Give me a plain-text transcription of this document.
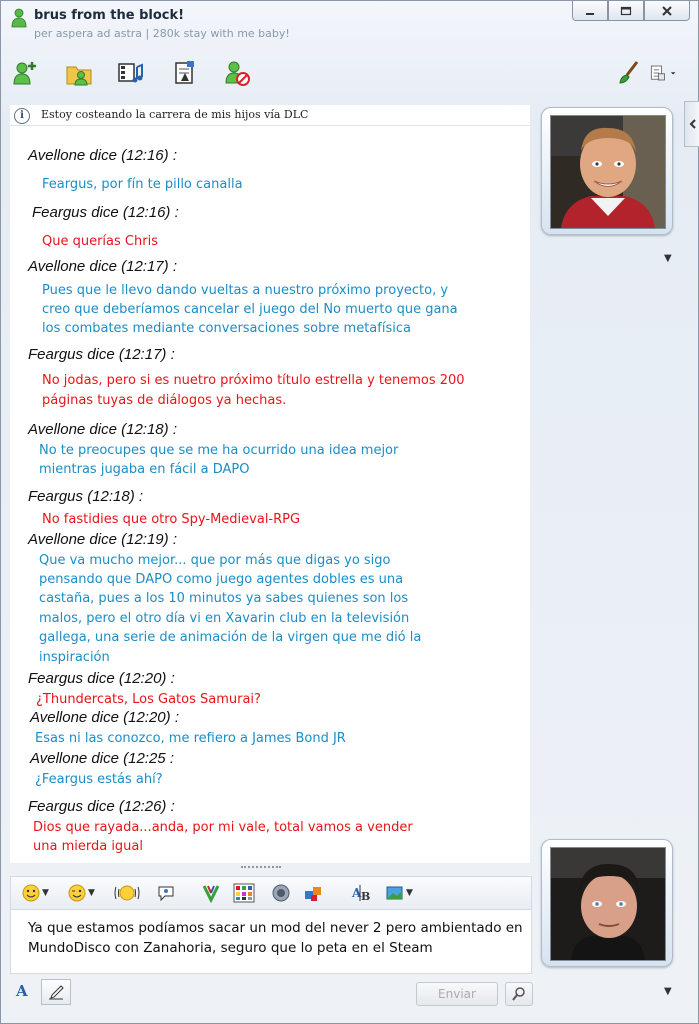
brus from the block!
per aspera ad astra | 280k stay with me baby!
i	Estoy costeando la carrera de mis hijos vía DLC
Avellone dice (12:16) :
Feargus, por fín te pillo canalla
Feargus dice (12:16) :
Que querías Chris
Avellone dice (12:17) :
Pues que le llevo dando vueltas a nuestro próximo proyecto, y
creo que deberíamos cancelar el juego del No muerto que gana
los combates mediante conversaciones sobre metafísica
Feargus dice (12:17) :
No jodas, pero si es nuetro próximo título estrella y tenemos 200
páginas tuyas de diálogos ya hechas.
Avellone dice (12:18) :
No te preocupes que se me ha ocurrido una idea mejor
mientras jugaba en fácil a DAPO
Feargus (12:18) :
No fastidies que otro Spy-Medieval-RPG
Avellone dice (12:19) :
Que va mucho mejor... que por más que digas yo sigo
pensando que DAPO como juego agentes dobles es una
castaña, pues a los 10 minutos ya sabes quienes son los
malos, pero el otro día vi en Xavarin club en la televisión
gallega, una serie de animación de la virgen que me dió la
inspiración
Feargus dice (12:20) :
¿Thundercats, Los Gatos Samurai?
Avellone dice (12:20) :
Esas ni las conozco, me refiero a James Bond JR
Avellone dice (12:25 :
¿Feargus estás ahí?
Feargus dice (12:26) :
Dios que rayada...anda, por mi vale, total vamos a vender
una mierda igual
▼	▼	A B	▼
Ya que estamos podíamos sacar un mod del never 2 pero ambientado en
MundoDisco con Zanahoria, seguro que lo peta en el Steam
A	Enviar
▼
▼
